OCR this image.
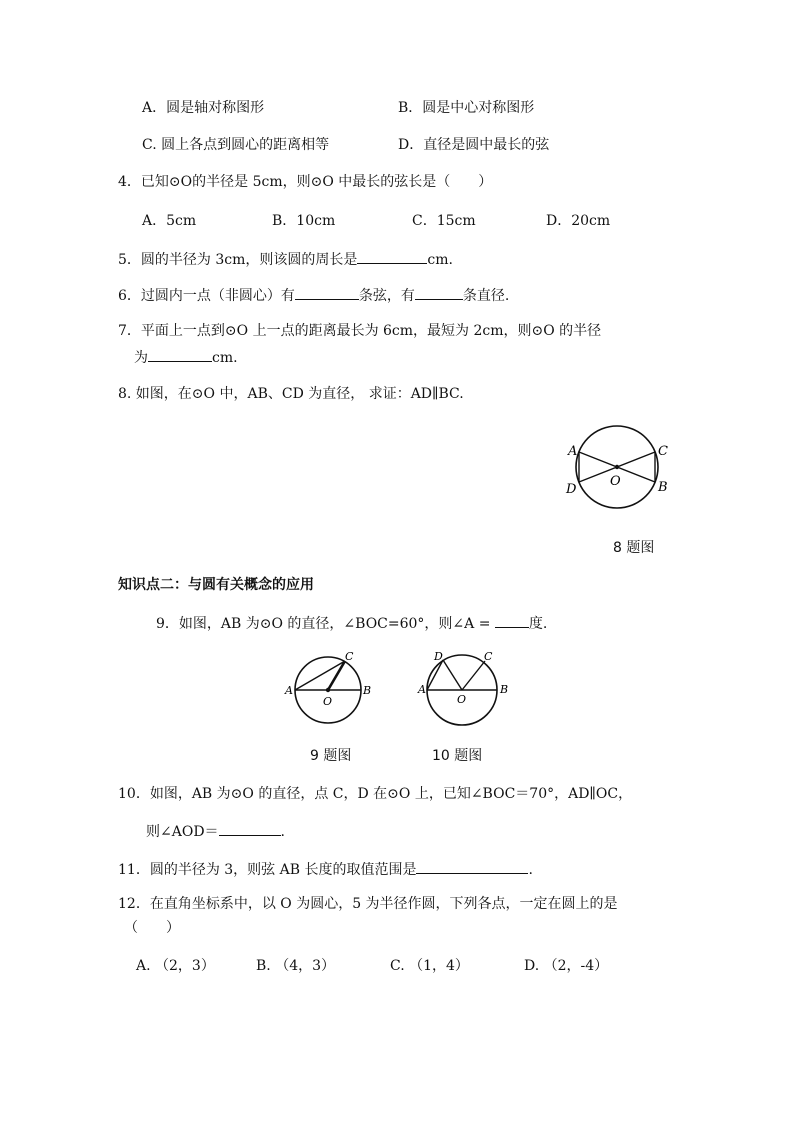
A．圆是轴对称图形	B．圆是中心对称图形
C. 圆上各点到圆心的距离相等	D．直径是圆中最长的弦
4．已知⊙O的半径是 5cm，则⊙O 中最长的弦长是（　　）
A．5cm	B．10cm	C．15cm	D．20cm
5．圆的半径为 3cm，则该圆的周长是	cm.
6．过圆内一点（非圆心）有	条弦，有	条直径.
7．平面上一点到⊙O 上一点的距离最长为 6cm，最短为 2cm，则⊙O 的半径
为	cm.
8. 如图，在⊙O 中，AB、CD 为直径， 求证：AD∥BC.
A	C
D	B
O
8 题图
知识点二：与圆有关概念的应用
9．如图，AB 为⊙O 的直径，∠BOC=60°，则∠A =	度.
A	B
C
O
D	C
A
O
B
9 题图	10 题图
10．如图，AB 为⊙O 的直径，点 C，D 在⊙O 上，已知∠BOC＝70°，AD∥OC，
则∠AOD＝	.
11．圆的半径为 3，则弦 AB 长度的取值范围是	.
12．在直角坐标系中，以 O 为圆心，5 为半径作圆，下列各点，一定在圆上的是
（　　）
A. （2，3）	B. （4，3）	C. （1，4）	D. （2，-4）
